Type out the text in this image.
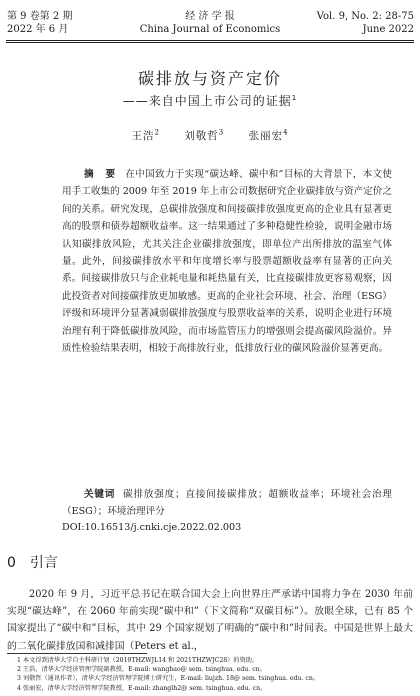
第 9 卷第 2 期
2022 年 6 月
经 济 学 报
China Journal of Economics
Vol. 9, No. 2: 28-75
June 2022
碳排放与资产定价
——来自中国上市公司的证据$^1$
王浩$^2$ 刘敬哲$^3$ 张丽宏$^4$
摘 要 在中国致力于实现“碳达峰、碳中和”目标的大背景下，本文使用手工收集的 2009 年至 2019 年上市公司数据研究企业碳排放与资产定价之间的关系。研究发现，总碳排放强度和间接碳排放强度更高的企业具有显著更高的股票和债券超额收益率。这一结果通过了多种稳健性检验，说明金融市场认知碳排放风险，尤其关注企业碳排放强度，即单位产出所排放的温室气体量。此外，间接碳排放水平和年度增长率与股票超额收益率有显著的正向关系。间接碳排放只与企业耗电量和耗热量有关，比直接碳排放更容易观察，因此投资者对间接碳排放更加敏感。更高的企业社会环境、社会、治理（ESG）评级和环境评分显著减弱碳排放强度与股票收益率的关系，说明企业进行环境治理有利于降低碳排放风险，而市场监管压力的增强则会提高碳风险溢价。异质性检验结果表明，相较于高排放行业，低排放行业的碳风险溢价显著更高。
关键词 碳排放强度；直接间接碳排放；超额收益率；环境社会治理（ESG）；环境治理评分
DOI:10.16513/j.cnki.cje.2022.02.003
0 引言
2020 年 9 月，习近平总书记在联合国大会上向世界庄严承诺中国将力争在 2030 年前实现“碳达峰”，在 2060 年前实现“碳中和”（下文简称“双碳目标”）。放眼全球，已有 85 个国家提出了“碳中和”目标，其中 29 个国家规划了明确的“碳中和”时间表。中国是世界上最大的二氧化碳排放国和减排国（Peters et al.，
1 本文得到清华大学自主科研计划（2019THZWJL14 和 2021THZWJC28）的资助。
2 王浩，清华大学经济管理学院副教授，E-mail: wanghao@ sem. tsinghua. edu. cn。
3 刘敬哲（通讯作者），清华大学经济管理学院博士研究生，E-mail: liujzh. 18@ sem. tsinghua. edu. cn。
4 张丽宏，清华大学经济管理学院教授，E-mail: zhanglh2@ sem. tsinghua. edu. cn。
